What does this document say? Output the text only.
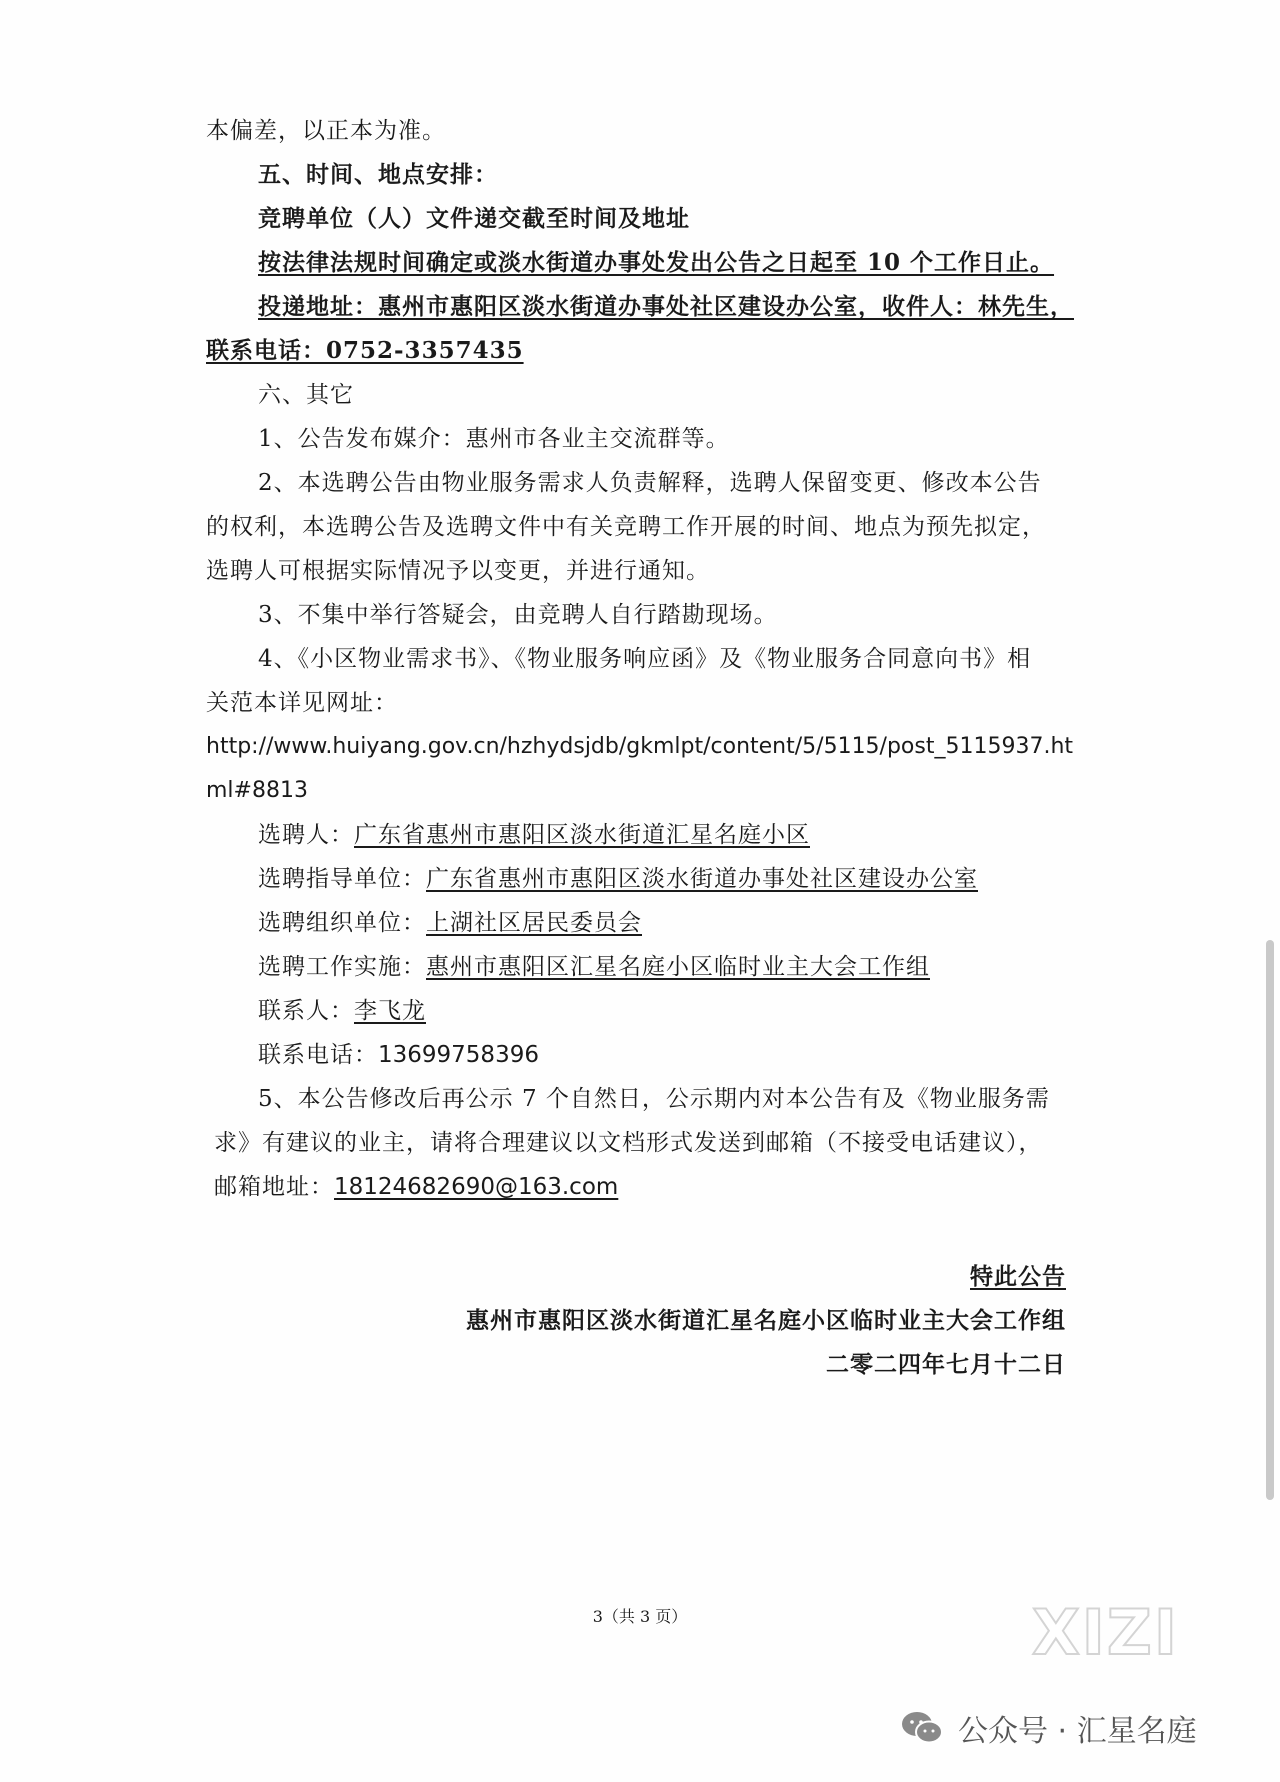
本偏差，以正本为准。
五、时间、地点安排：
竞聘单位（人）文件递交截至时间及地址
按法律法规时间确定或淡水街道办事处发出公告之日起至 10 个工作日止。
投递地址：惠州市惠阳区淡水街道办事处社区建设办公室，收件人：林先生，
联系电话：0752-3357435
六、其它
1、公告发布媒介：惠州市各业主交流群等。
2、本选聘公告由物业服务需求人负责解释，选聘人保留变更、修改本公告
的权利，本选聘公告及选聘文件中有关竞聘工作开展的时间、地点为预先拟定，
选聘人可根据实际情况予以变更，并进行通知。
3、不集中举行答疑会，由竞聘人自行踏勘现场。
4、《小区物业需求书》、《物业服务响应函》及《物业服务合同意向书》相
关范本详见网址：
http://www.huiyang.gov.cn/hzhydsjdb/gkmlpt/content/5/5115/post_5115937.ht
ml#8813
选聘人：广东省惠州市惠阳区淡水街道汇星名庭小区
选聘指导单位：广东省惠州市惠阳区淡水街道办事处社区建设办公室
选聘组织单位：上湖社区居民委员会
选聘工作实施：惠州市惠阳区汇星名庭小区临时业主大会工作组
联系人：李飞龙
联系电话：13699758396
5、本公告修改后再公示 7 个自然日，公示期内对本公告有及《物业服务需
求》有建议的业主，请将合理建议以文档形式发送到邮箱（不接受电话建议），
邮箱地址：18124682690@163.com
特此公告
惠州市惠阳区淡水街道汇星名庭小区临时业主大会工作组
二零二四年七月十二日
3（共 3 页）	XIZI
公众号 · 汇星名庭
